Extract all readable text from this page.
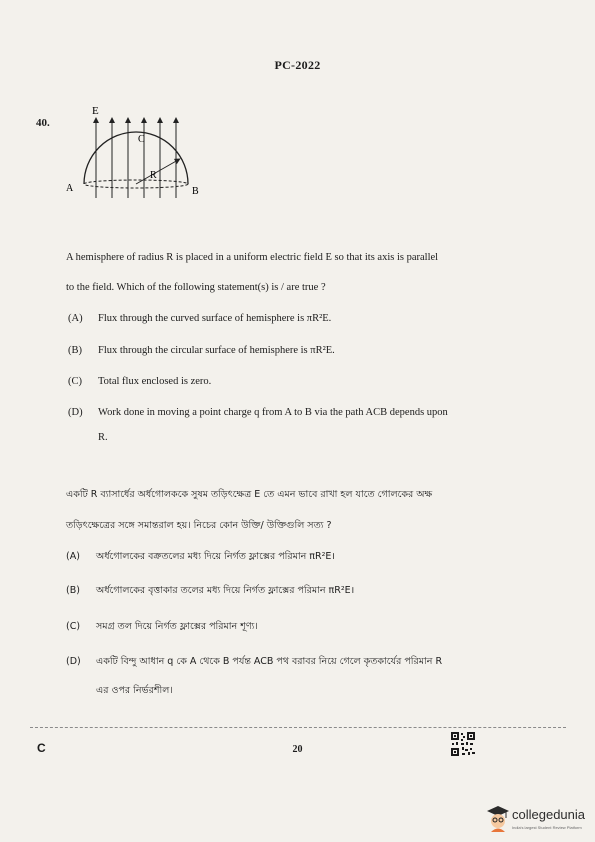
PC-2022
40.
E
C
R
A	B
A hemisphere of radius R is placed in a uniform electric field E so that its axis is parallel
to the field. Which of the following statement(s) is / are true ?
(A) Flux through the curved surface of hemisphere is πR²E.
(B) Flux through the circular surface of hemisphere is πR²E.
(C) Total flux enclosed is zero.
(D) Work done in moving a point charge q from A to B via the path ACB depends upon
R.
একটি R ব্যাসার্ধের অর্ধগোলককে সুষম তড়িৎক্ষেত্র E তে এমন ভাবে রাখা হল যাতে গোলকের অক্ষ
তড়িৎক্ষেত্রের সঙ্গে সমান্তরাল হয়। নিচের কোন উক্তি/ উক্তিগুলি সত্য ?
(A) অর্ধগোলকের বক্রতলের মধ্য দিয়ে নির্গত ফ্লাক্সের পরিমান πR²E।
(B) অর্ধগোলকের বৃত্তাকার তলের মধ্য দিয়ে নির্গত ফ্লাক্সের পরিমান πR²E।
(C) সমগ্র তল দিয়ে নির্গত ফ্লাক্সের পরিমান শূণ্য।
(D) একটি বিন্দু আধান q কে A থেকে B পর্যন্ত ACB পথ বরাবর নিয়ে গেলে কৃতকার্যের পরিমান R
এর ওপর নির্ভরশীল।
C	20
collegedunia
India's largest Student Review Platform
